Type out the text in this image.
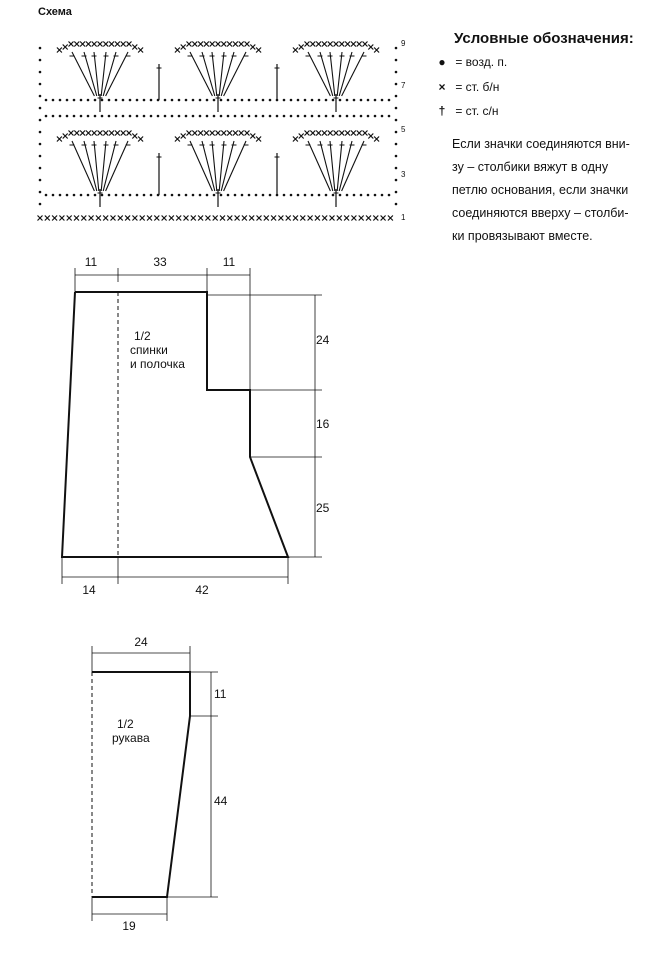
Схема
9
7
5
3
1
11	33	11
24
16
25
14	42
1/2
спинки
и полочка
24
11
44
19
1/2
рукава
Условные обозначения:
● = возд. п.
× = ст. б/н
† = ст. с/н
Если значки соединяются вни-
зу – столбики вяжут в одну
петлю основания, если значки
соединяются вверху – столби-
ки провязывают вместе.
